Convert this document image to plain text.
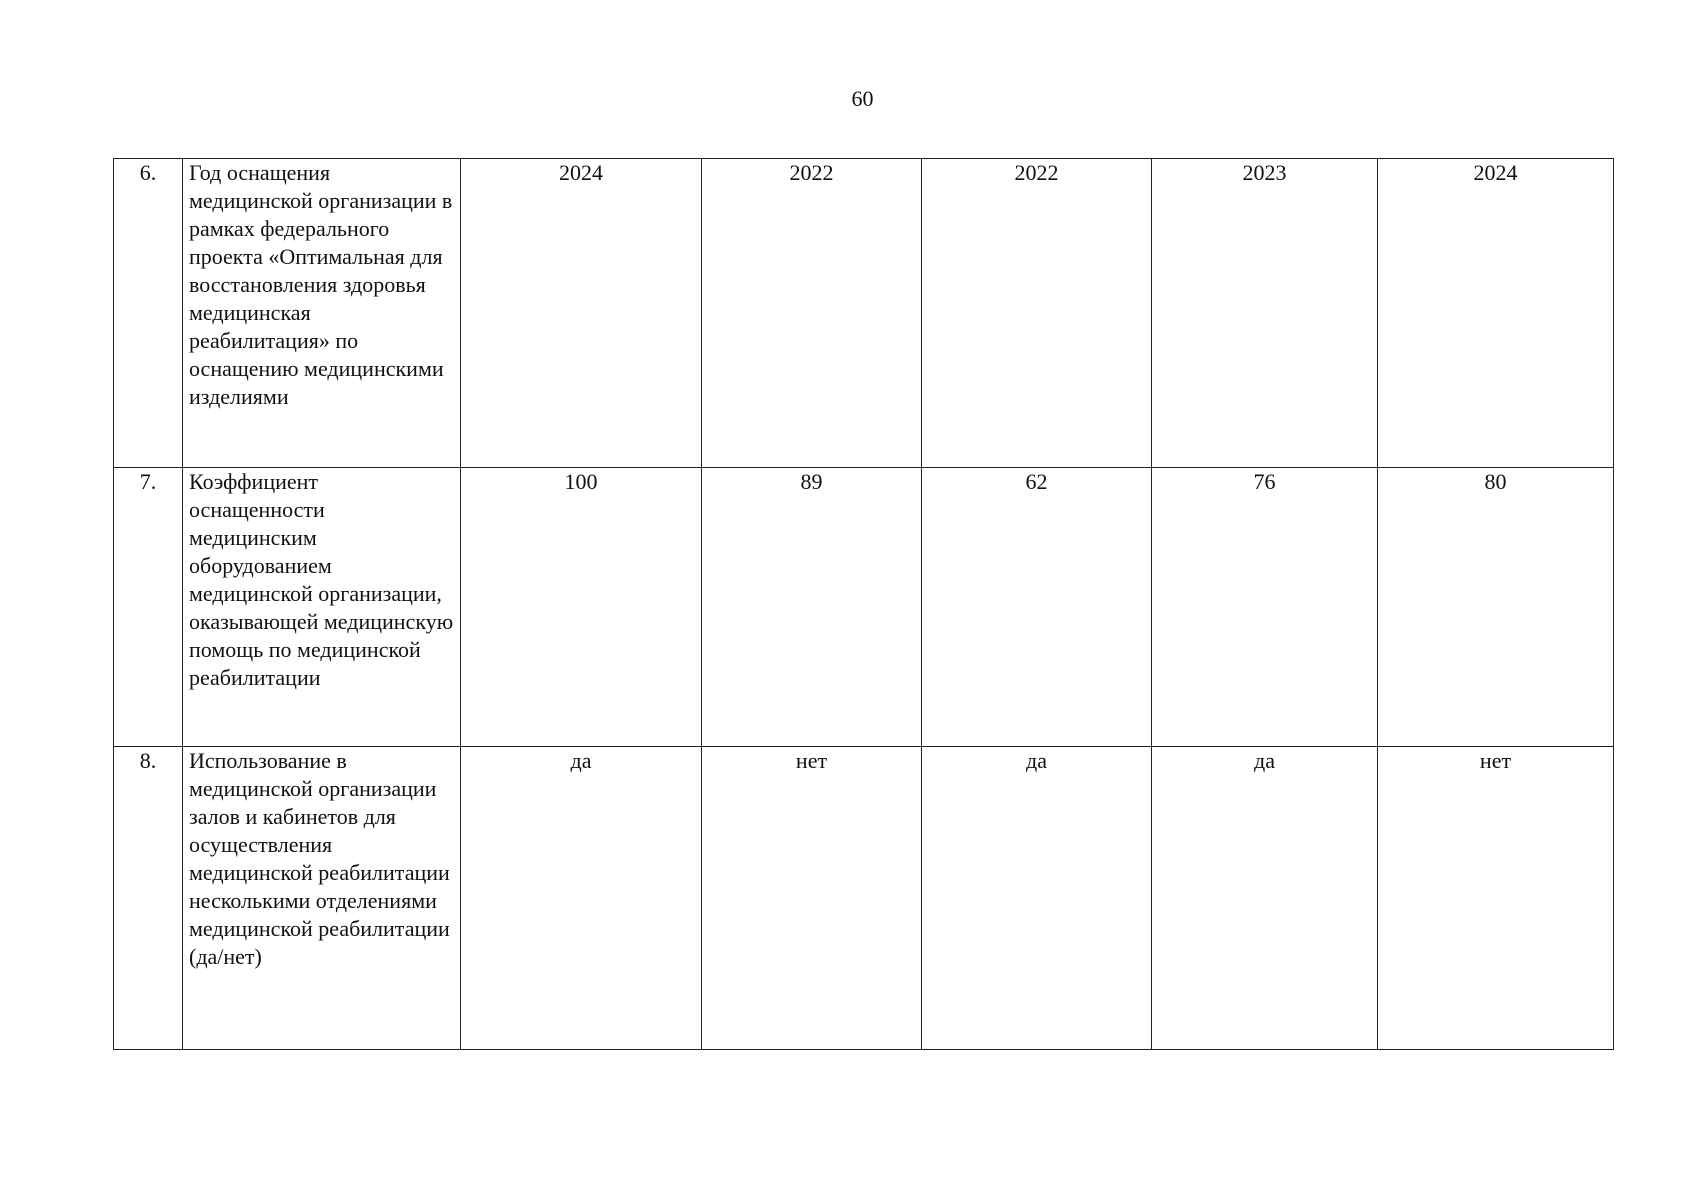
60
6.	Год оснащения медицинской организации в рамках федерального проекта «Оптимальная для восстановления здоровья медицинская реабилитация» по оснащению медицинскими изделиями	2024	2022	2022	2023	2024
7.	Коэффициент оснащенности медицинским оборудованием медицинской организации, оказывающей медицинскую помощь по медицинской реабилитации	100	89	62	76	80
8.	Использование в медицинской организации залов и кабинетов для осуществления медицинской реабилитации несколькими отделениями медицинской реабилитации (да/нет)	да	нет	да	да	нет
